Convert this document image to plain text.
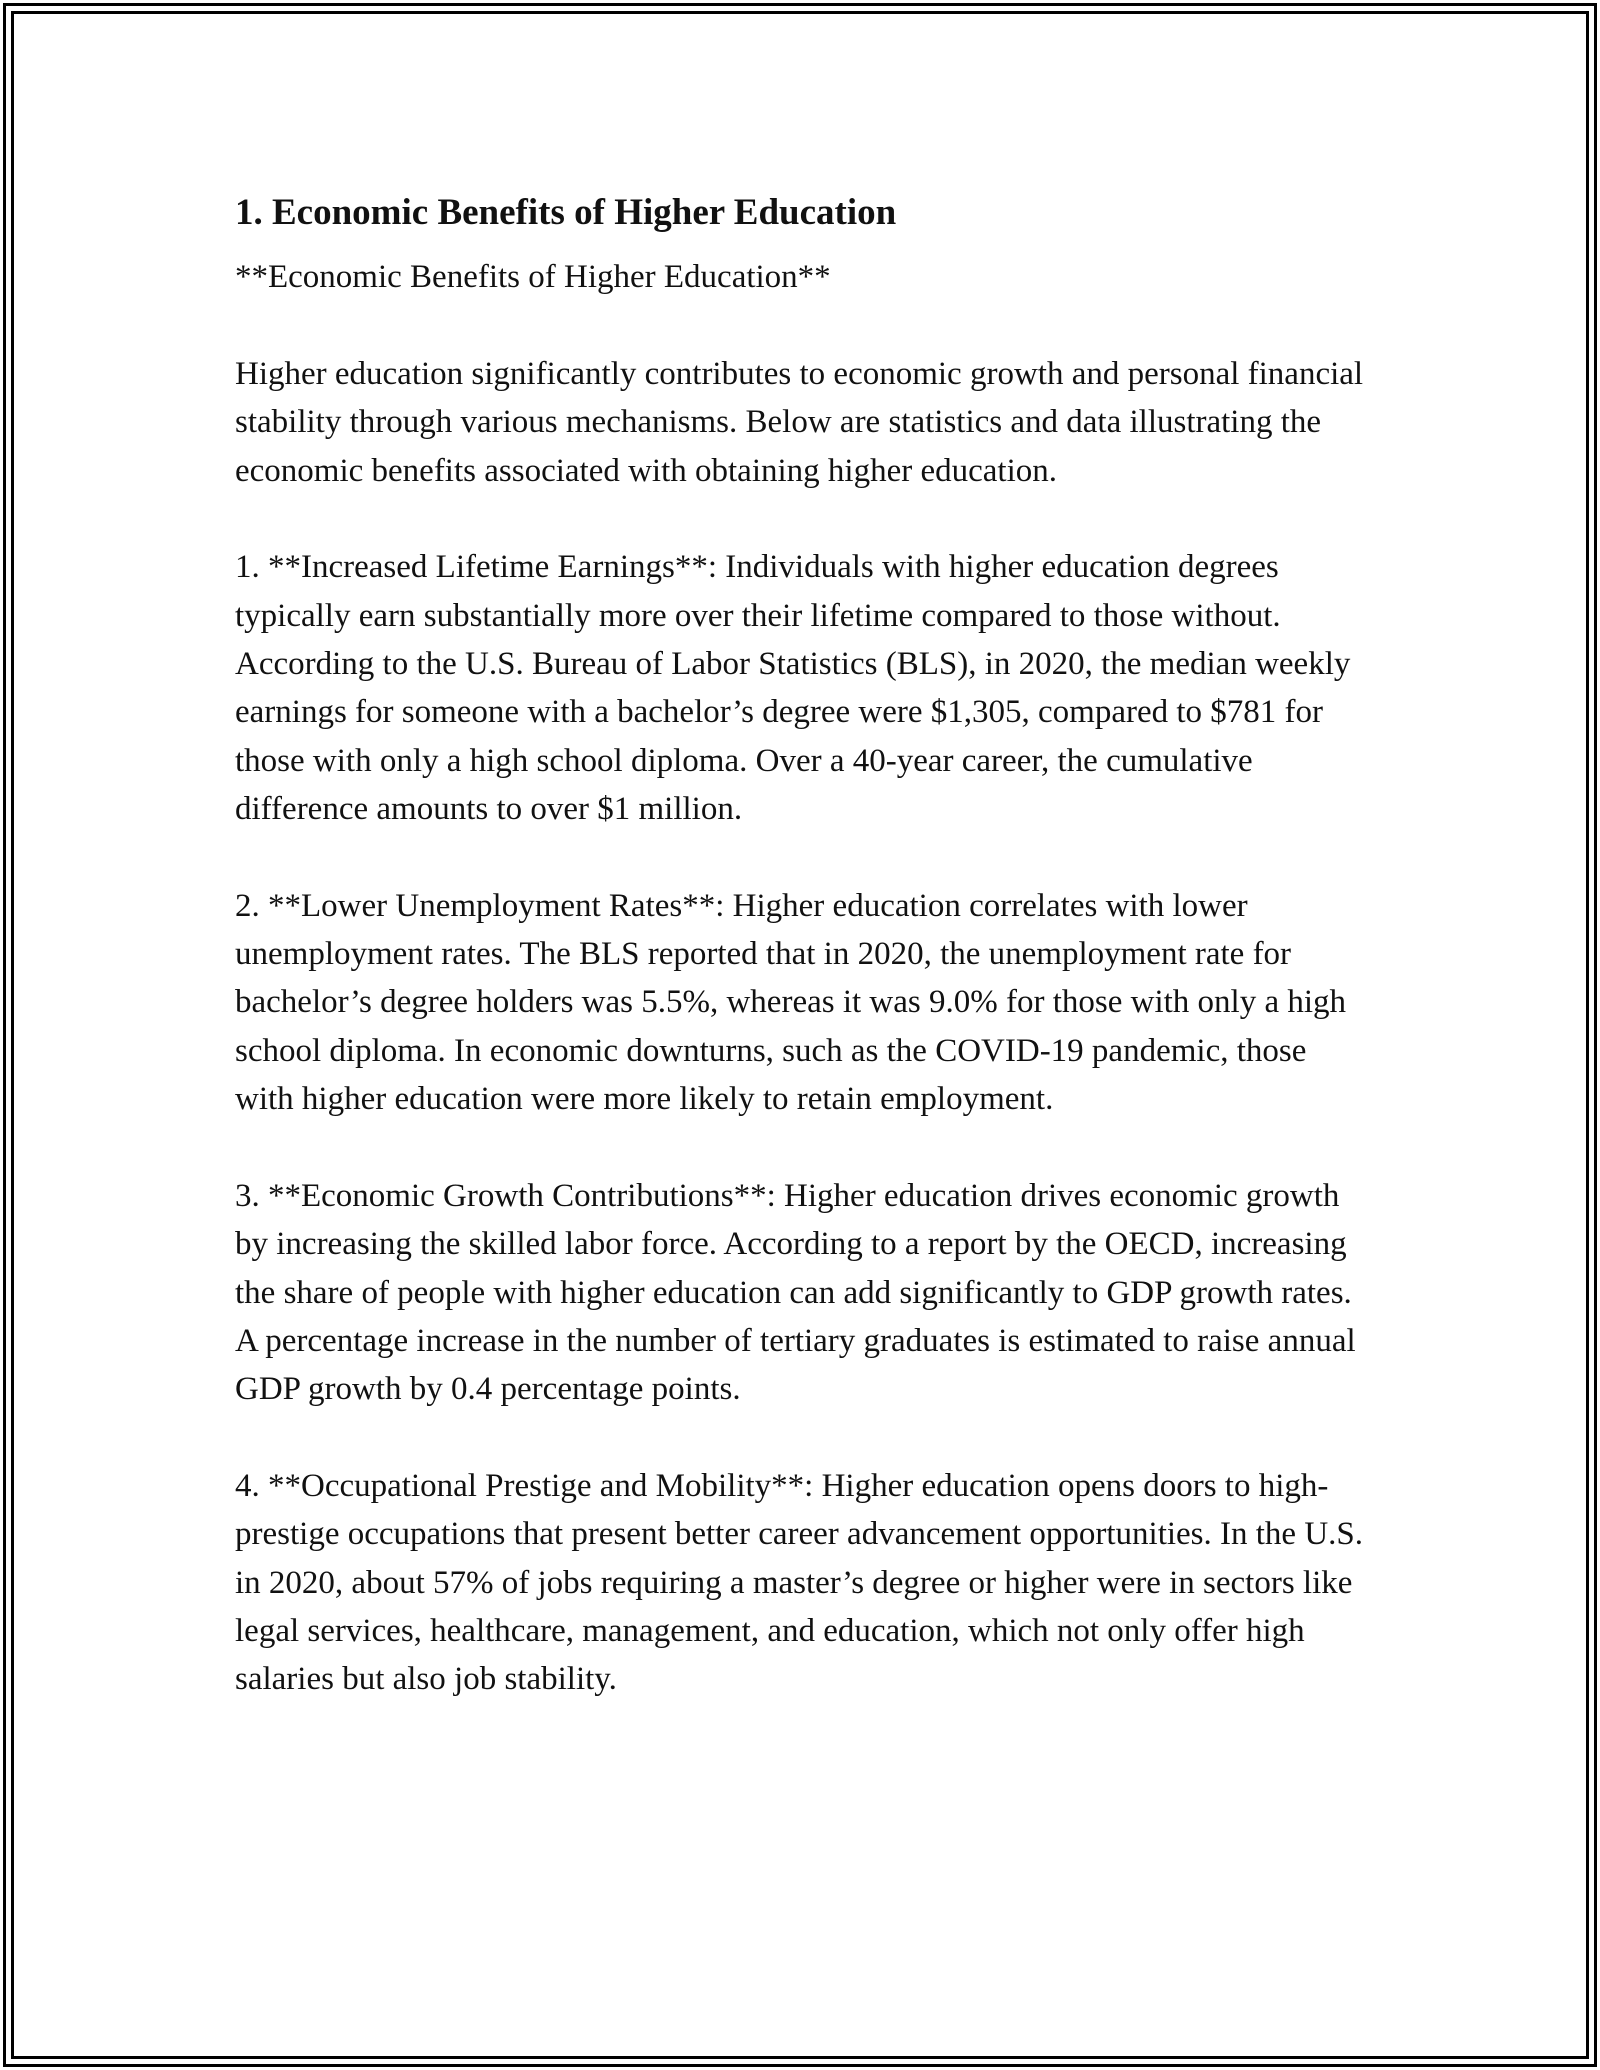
1. Economic Benefits of Higher Education

**Economic Benefits of Higher Education**

Higher education significantly contributes to economic growth and personal financial stability through various mechanisms. Below are statistics and data illustrating the economic benefits associated with obtaining higher education.

1. **Increased Lifetime Earnings**: Individuals with higher education degrees typically earn substantially more over their lifetime compared to those without. According to the U.S. Bureau of Labor Statistics (BLS), in 2020, the median weekly earnings for someone with a bachelor’s degree were $1,305, compared to $781 for those with only a high school diploma. Over a 40-year career, the cumulative difference amounts to over $1 million.

2. **Lower Unemployment Rates**: Higher education correlates with lower unemployment rates. The BLS reported that in 2020, the unemployment rate for bachelor’s degree holders was 5.5%, whereas it was 9.0% for those with only a high school diploma. In economic downturns, such as the COVID-19 pandemic, those with higher education were more likely to retain employment.

3. **Economic Growth Contributions**: Higher education drives economic growth by increasing the skilled labor force. According to a report by the OECD, increasing the share of people with higher education can add significantly to GDP growth rates. A percentage increase in the number of tertiary graduates is estimated to raise annual GDP growth by 0.4 percentage points.

4. **Occupational Prestige and Mobility**: Higher education opens doors to high-prestige occupations that present better career advancement opportunities. In the U.S. in 2020, about 57% of jobs requiring a master’s degree or higher were in sectors like legal services, healthcare, management, and education, which not only offer high salaries but also job stability.
